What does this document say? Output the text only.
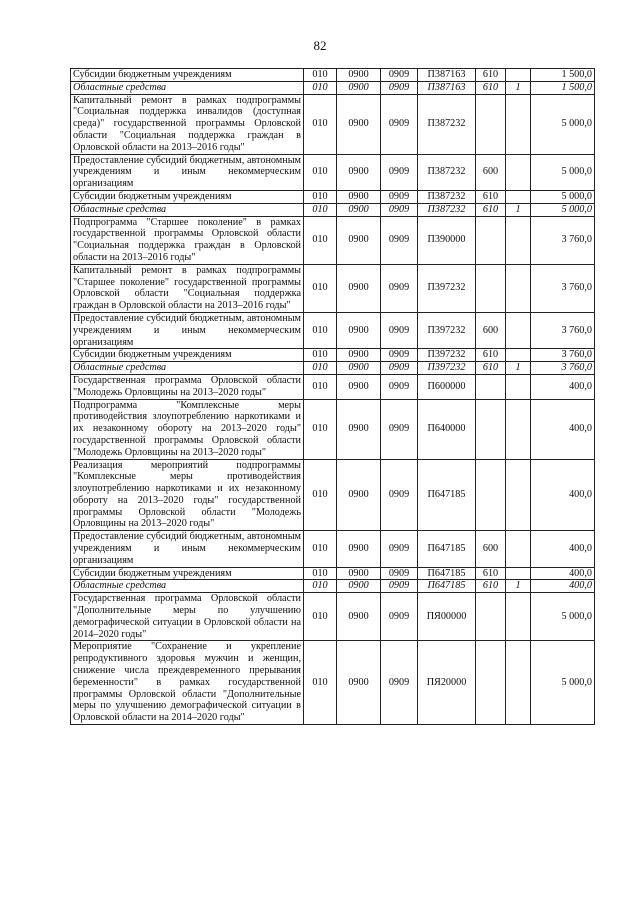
82
Субсидии бюджетным учреждениям	010	0900	0909	П387163	610		1 500,0
Областные средства	010	0900	0909	П387163	610	1	1 500,0
Капитальный ремонт в рамках подпрограммы "Социальная поддержка инвалидов (доступная среда)" государственной программы Орловской области "Социальная поддержка граждан в Орловской области на 2013–2016 годы"	010	0900	0909	П387232			5 000,0
Предоставление субсидий бюджетным, автономным учреждениям и иным некоммерческим организациям	010	0900	0909	П387232	600		5 000,0
Субсидии бюджетным учреждениям	010	0900	0909	П387232	610		5 000,0
Областные средства	010	0900	0909	П387232	610	1	5 000,0
Подпрограмма "Старшее поколение" в рамках государственной программы Орловской области "Социальная поддержка граждан в Орловской области на 2013–2016 годы"	010	0900	0909	П390000			3 760,0
Капитальный ремонт в рамках подпрограммы "Старшее поколение" государственной программы Орловской области "Социальная поддержка граждан в Орловской области на 2013–2016 годы"	010	0900	0909	П397232			3 760,0
Предоставление субсидий бюджетным, автономным учреждениям и иным некоммерческим организациям	010	0900	0909	П397232	600		3 760,0
Субсидии бюджетным учреждениям	010	0900	0909	П397232	610		3 760,0
Областные средства	010	0900	0909	П397232	610	1	3 760,0
Государственная программа Орловской области "Молодежь Орловщины на 2013–2020 годы"	010	0900	0909	П600000			400,0
Подпрограмма "Комплексные меры противодействия злоупотреблению наркотиками и их незаконному обороту на 2013–2020 годы" государственной программы Орловской области "Молодежь Орловщины на 2013–2020 годы"	010	0900	0909	П640000			400,0
Реализация мероприятий подпрограммы "Комплексные меры противодействия злоупотреблению наркотиками и их незаконному обороту на 2013–2020 годы" государственной программы Орловской области "Молодежь Орловщины на 2013–2020 годы"	010	0900	0909	П647185			400,0
Предоставление субсидий бюджетным, автономным учреждениям и иным некоммерческим организациям	010	0900	0909	П647185	600		400,0
Субсидии бюджетным учреждениям	010	0900	0909	П647185	610		400,0
Областные средства	010	0900	0909	П647185	610	1	400,0
Государственная программа Орловской области "Дополнительные меры по улучшению демографической ситуации в Орловской области на 2014–2020 годы"	010	0900	0909	ПЯ00000			5 000,0
Мероприятие "Сохранение и укрепление репродуктивного здоровья мужчин и женщин, снижение числа преждевременного прерывания беременности" в рамках государственной программы Орловской области "Дополнительные меры по улучшению демографической ситуации в Орловской области на 2014–2020 годы"	010	0900	0909	ПЯ20000			5 000,0
